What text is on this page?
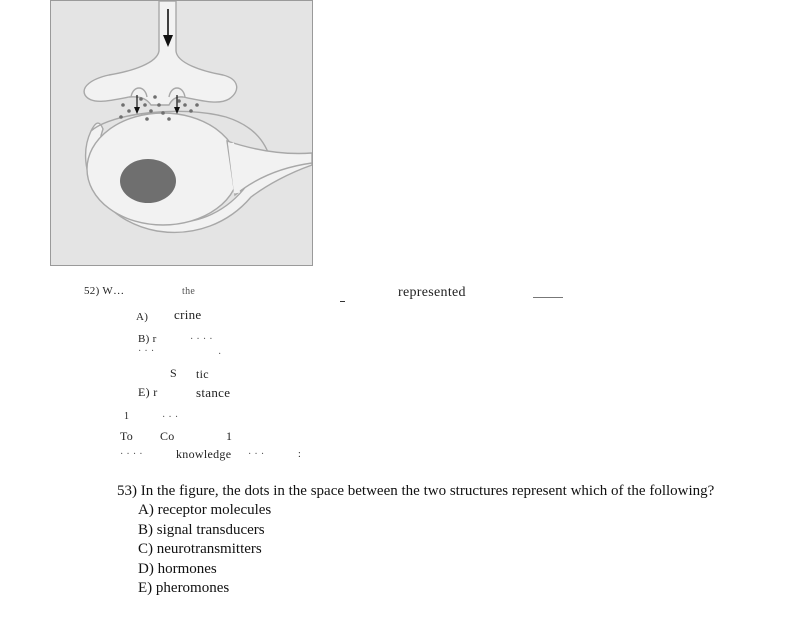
52) W…	the	represented
A) crine
B) r	· · · ·
· · ·	·
S tic
E) r	stance
1	· · ·
To Co	1
· · · ·	knowledge · · ·	:

53) In the figure, the dots in the space between the two structures represent which of the following?

A) receptor molecules
B) signal transducers
C) neurotransmitters
D) hormones
E) pheromones
